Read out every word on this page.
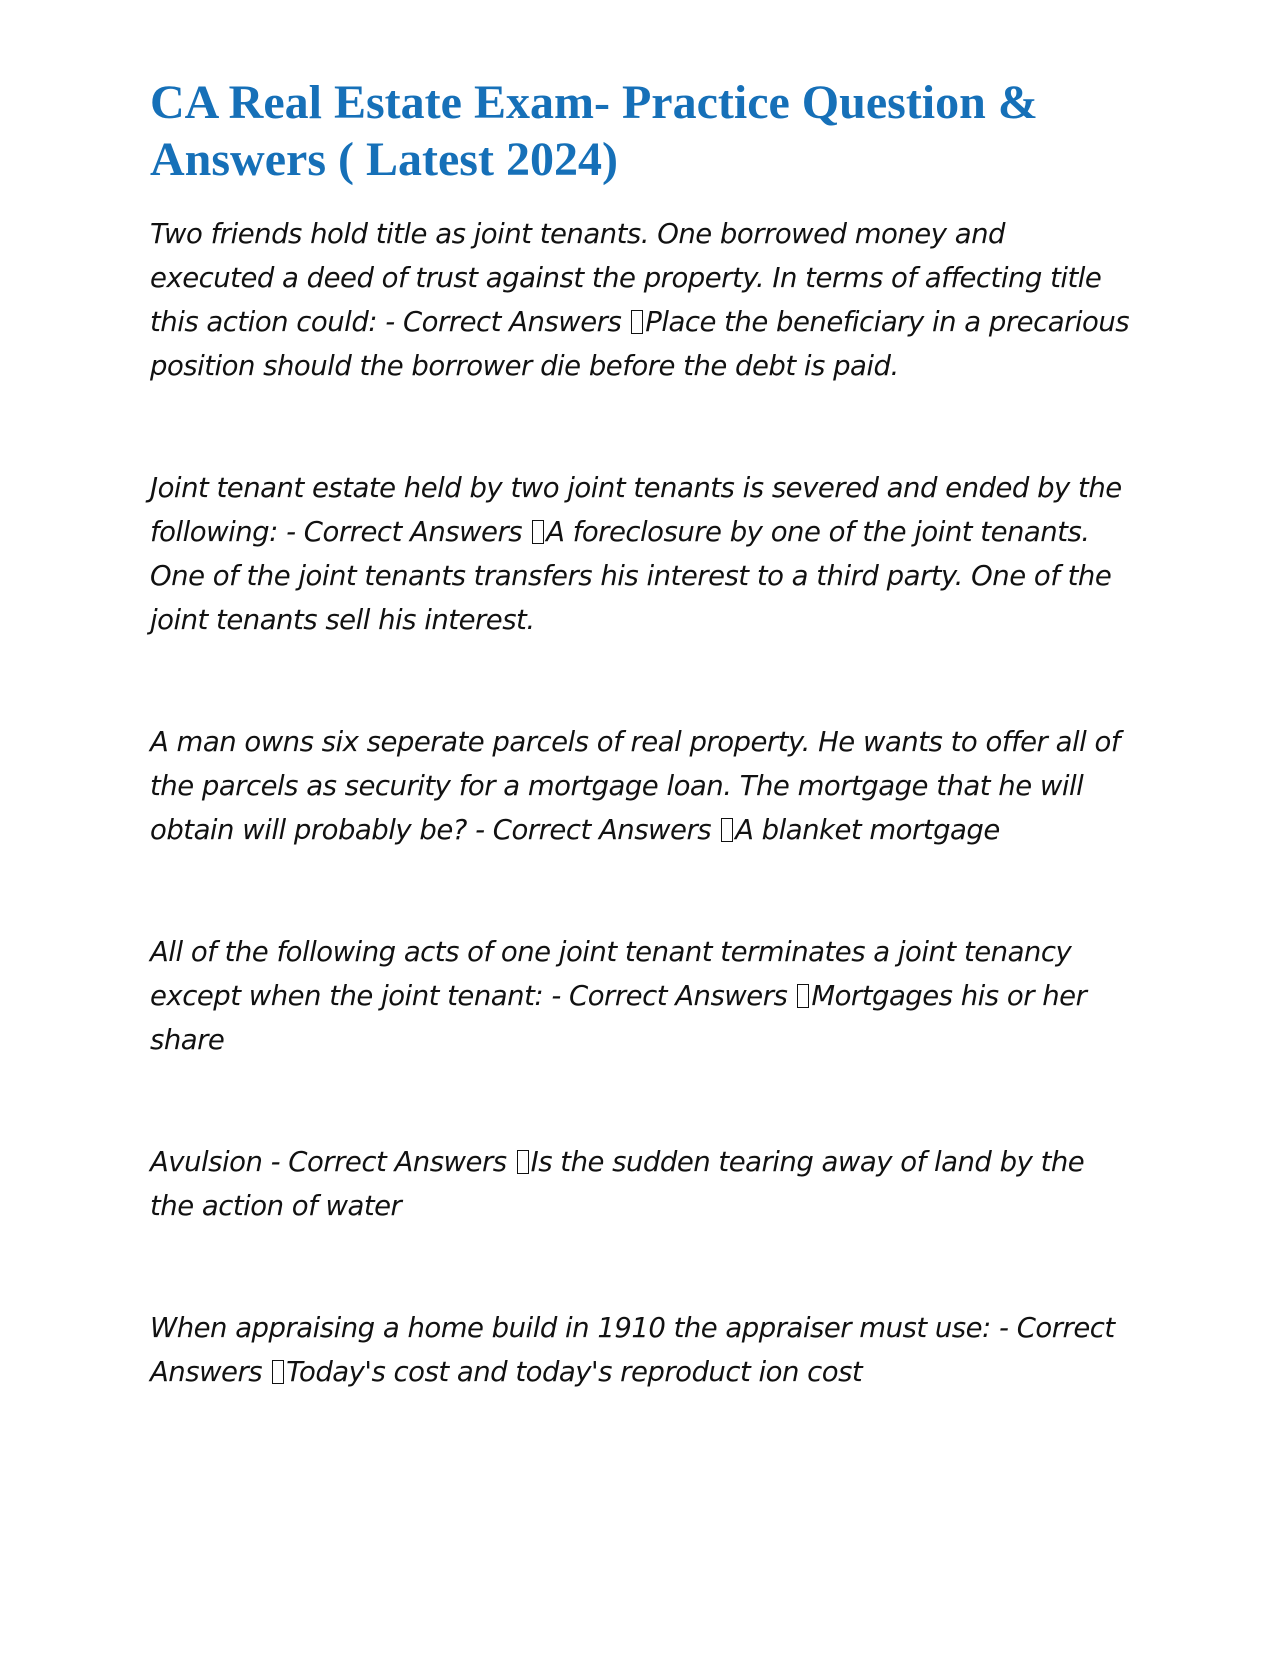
CA Real Estate Exam- Practice Question & Answers ( Latest 2024)

Two friends hold title as joint tenants. One borrowed money and executed a deed of trust against the property. In terms of affecting title this action could: - Correct Answers Place the beneficiary in a precarious position should the borrower die before the debt is paid.

Joint tenant estate held by two joint tenants is severed and ended by the following: - Correct Answers A foreclosure by one of the joint tenants. One of the joint tenants transfers his interest to a third party. One of the joint tenants sell his interest.

A man owns six seperate parcels of real property. He wants to offer all of the parcels as security for a mortgage loan. The mortgage that he will obtain will probably be? - Correct Answers A blanket mortgage

All of the following acts of one joint tenant terminates a joint tenancy except when the joint tenant: - Correct Answers Mortgages his or her share

Avulsion - Correct Answers Is the sudden tearing away of land by the the action of water

When appraising a home build in 1910 the appraiser must use: - Correct Answers Today's cost and today's reproduct ion cost
